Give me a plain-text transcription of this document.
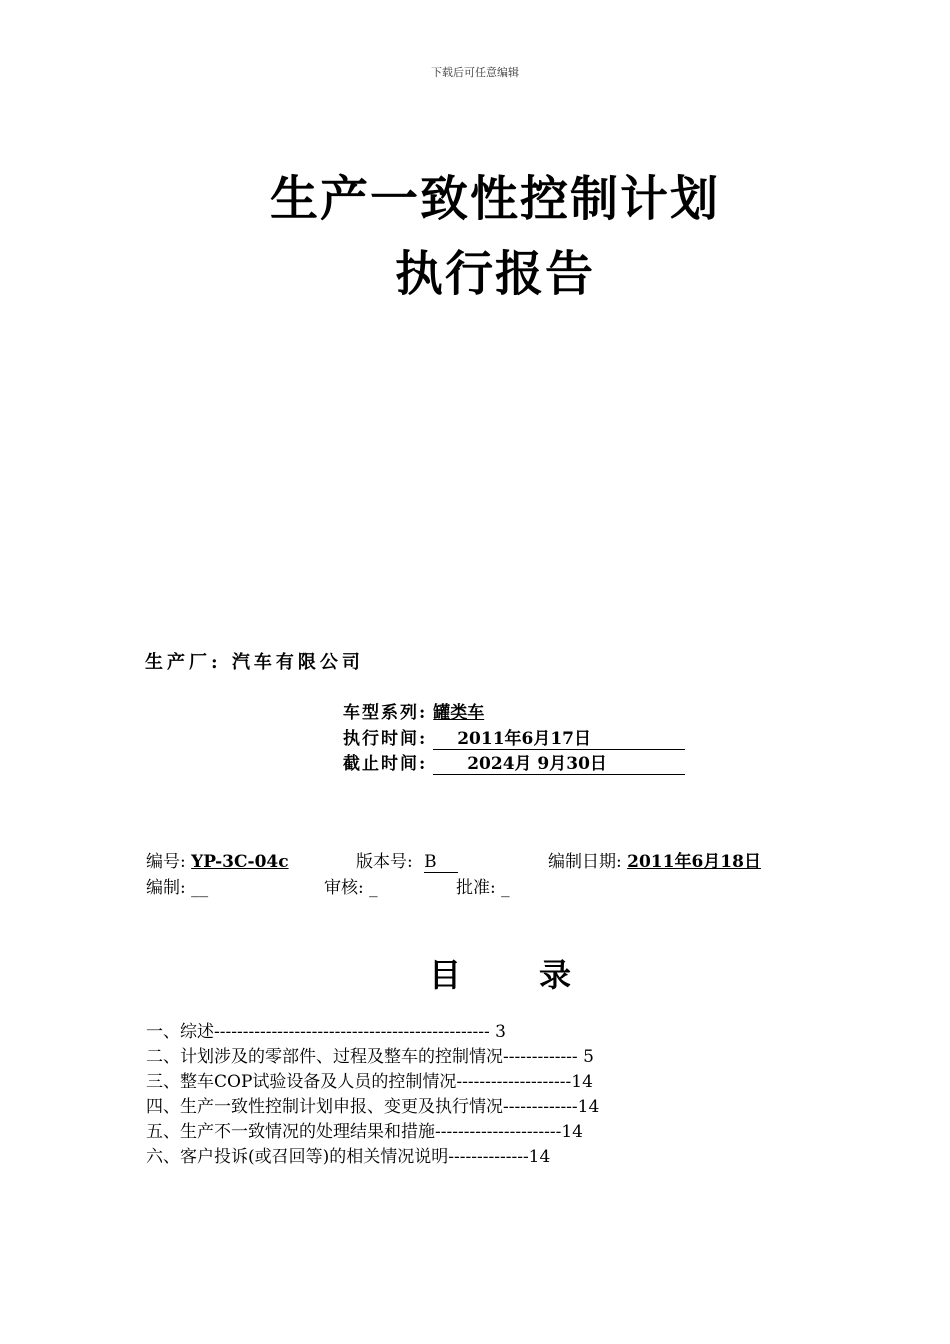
下载后可任意编辑
生产一致性控制计划
执行报告
生产厂: 汽车有限公司
车型系列: 罐类车
执行时间: 2011年6月17日
截止时间: 2024月 9月30日
编号: YP-3C-04c	版本号: B	编制日期: 2011年6月18日
编制: __	审核: _	批准: _
目 录
一、综述------------------------------------------------ 3
二、计划涉及的零部件、过程及整车的控制情况------------- 5
三、整车COP试验设备及人员的控制情况--------------------14
四、生产一致性控制计划申报、变更及执行情况-------------14
五、生产不一致情况的处理结果和措施----------------------14
六、客户投诉(或召回等)的相关情况说明--------------14
